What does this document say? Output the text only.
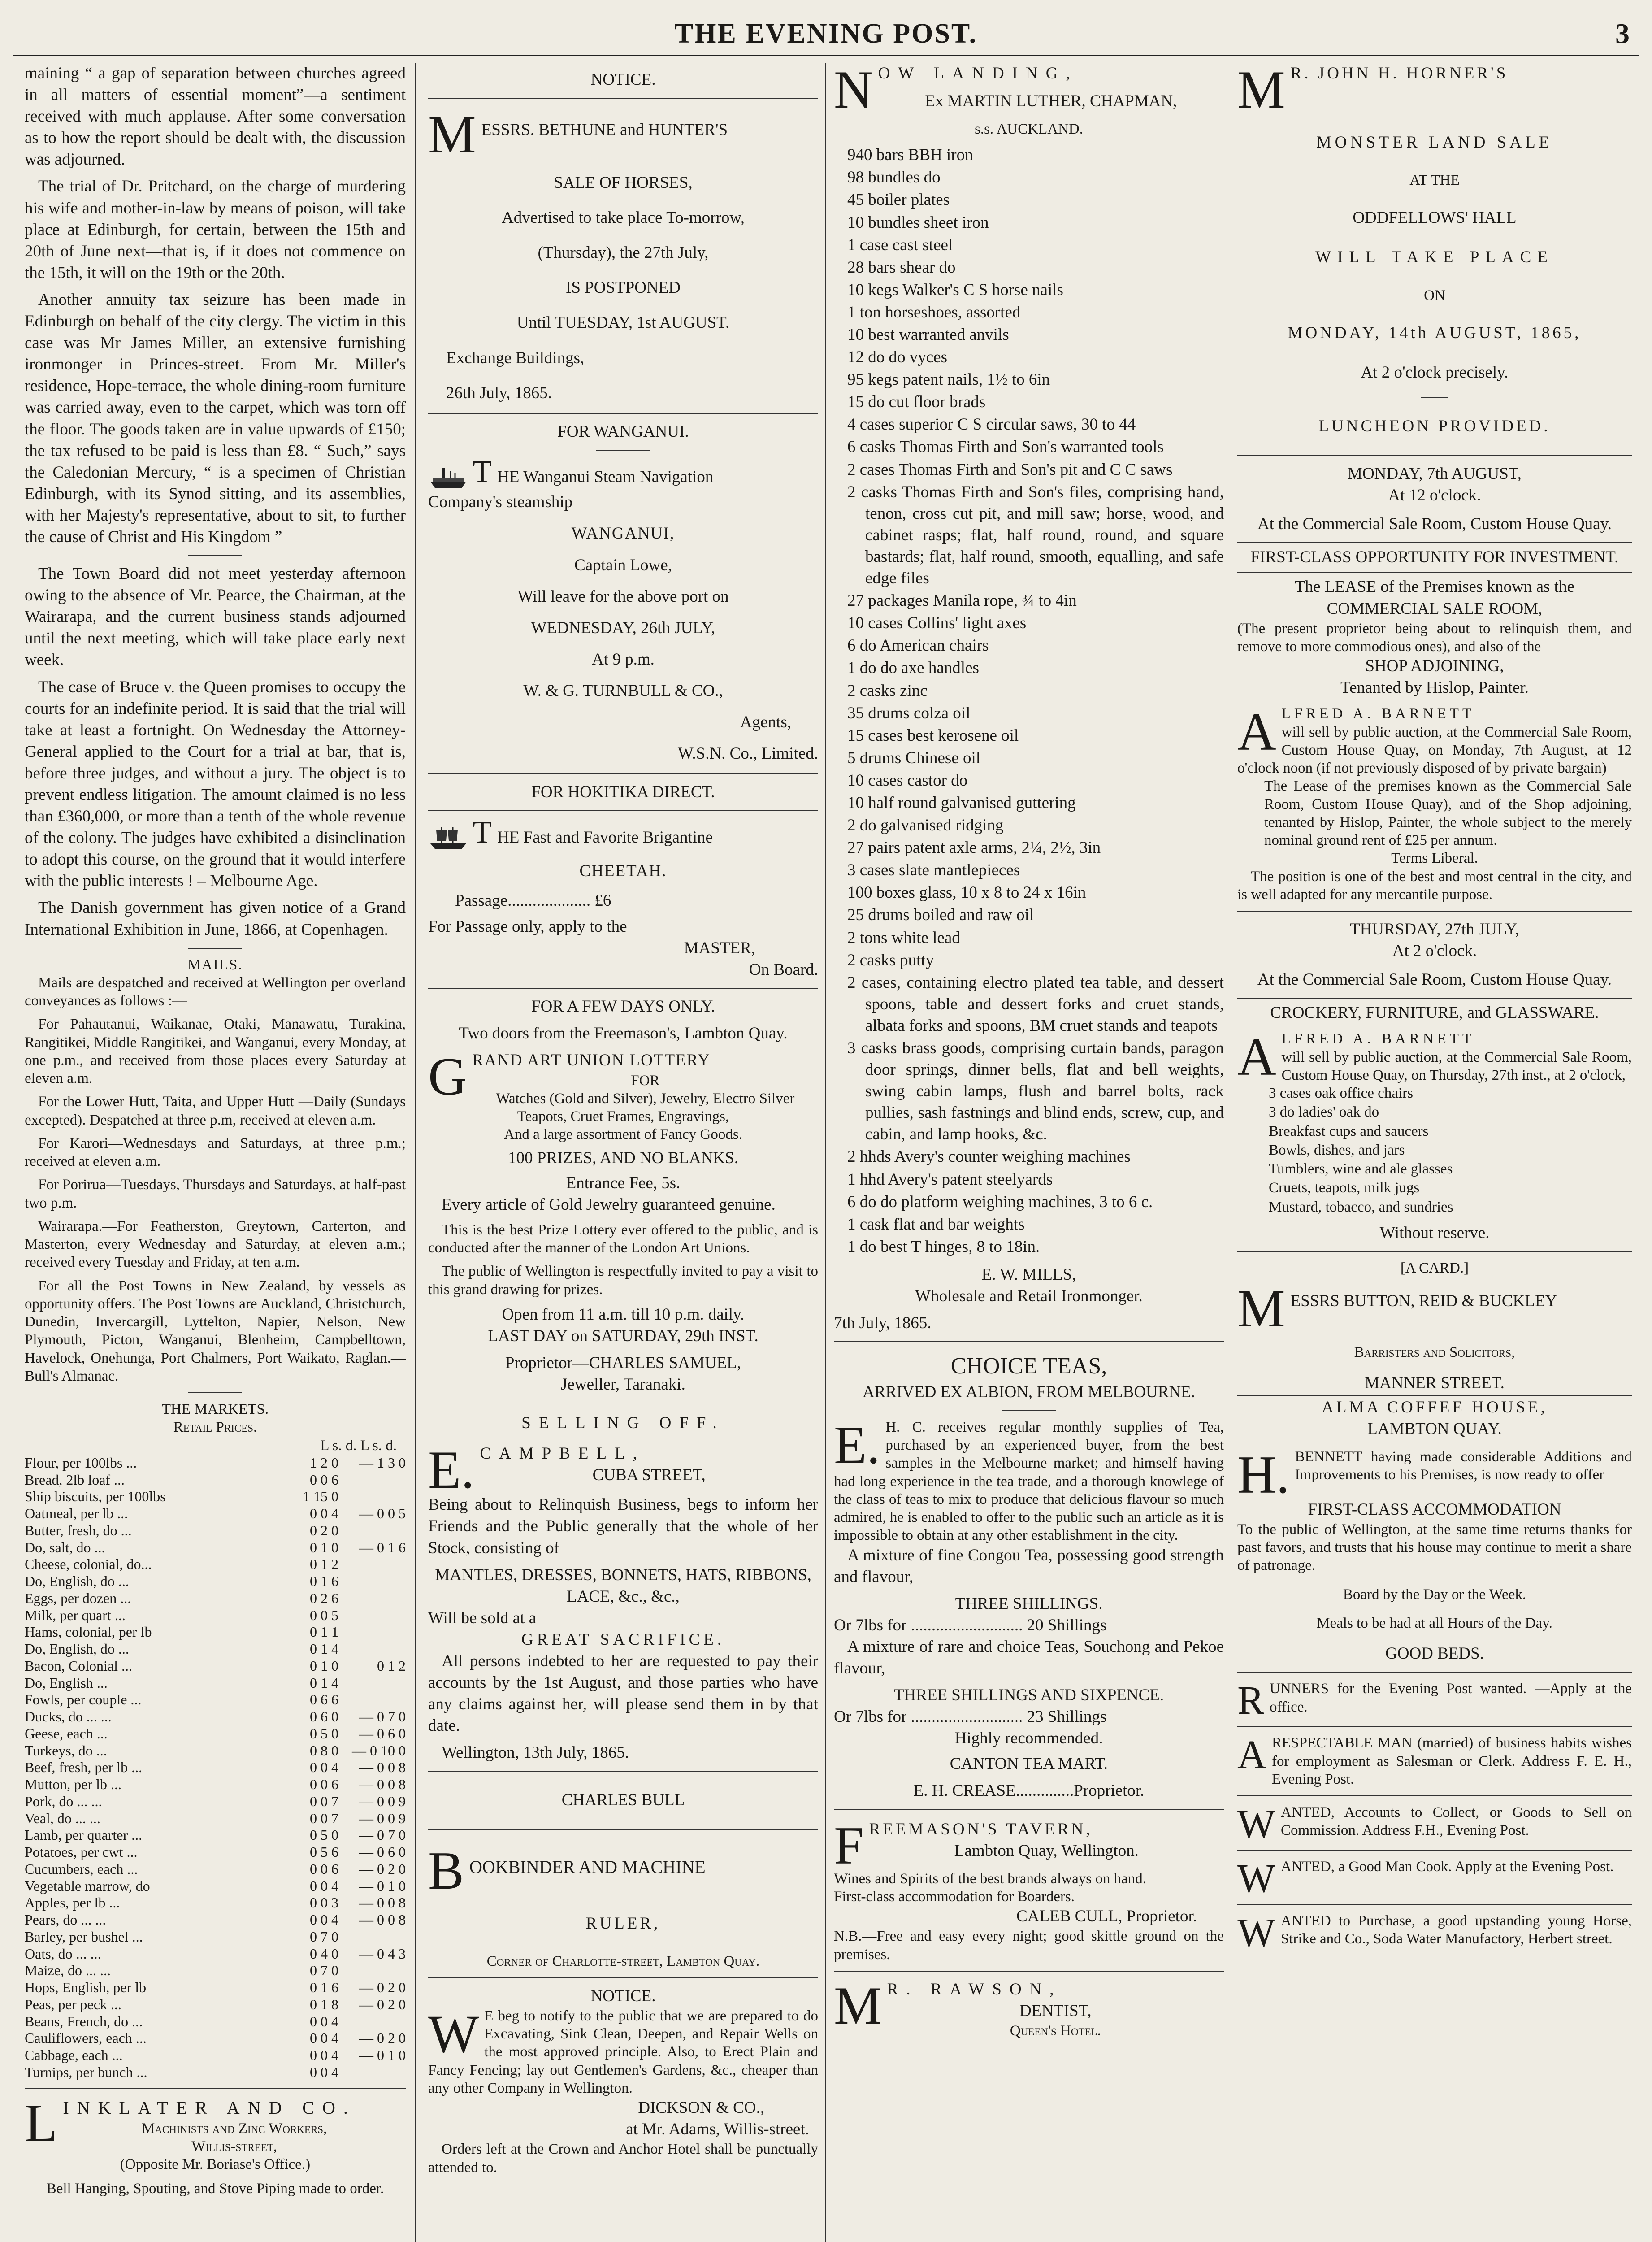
THE EVENING POST.	3

maining “ a gap of separation between churches agreed in all matters of essential moment”—a sentiment received with much applause. After some conversation as to how the report should be dealt with, the discussion was adjourned.

The trial of Dr. Pritchard, on the charge of murdering his wife and mother-in-law by means of poison, will take place at Edinburgh, for certain, between the 15th and 20th of June next—that is, if it does not commence on the 15th, it will on the 19th or the 20th.

Another annuity tax seizure has been made in Edinburgh on behalf of the city clergy. The victim in this case was Mr James Miller, an extensive furnishing ironmonger in Princes-street. From Mr. Miller's residence, Hope-terrace, the whole dining-room furniture was carried away, even to the carpet, which was torn off the floor. The goods taken are in value upwards of £150; the tax refused to be paid is less than £8. “ Such,” says the Caledonian Mercury, “ is a specimen of Christian Edinburgh, with its Synod sitting, and its assemblies, with her Majesty's representative, about to sit, to further the cause of Christ and His Kingdom ”

The Town Board did not meet yesterday afternoon owing to the absence of Mr. Pearce, the Chairman, at the Wairarapa, and the current business stands adjourned until the next meeting, which will take place early next week.

The case of Bruce v. the Queen promises to occupy the courts for an indefinite period. It is said that the trial will take at least a fortnight. On Wednesday the Attorney-General applied to the Court for a trial at bar, that is, before three judges, and without a jury. The object is to prevent endless litigation. The amount claimed is no less than £360,000, or more than a tenth of the whole revenue of the colony. The judges have exhibited a disinclination to adopt this course, on the ground that it would interfere with the public interests ! – Melbourne Age.

The Danish government has given notice of a Grand International Exhibition in June, 1866, at Copenhagen.

MAILS.

Mails are despatched and received at Wellington per overland conveyances as follows :—

For Pahautanui, Waikanae, Otaki, Manawatu, Turakina, Rangitikei, Middle Rangitikei, and Wanganui, every Monday, at one p.m., and received from those places every Saturday at eleven a.m.

For the Lower Hutt, Taita, and Upper Hutt —Daily (Sundays excepted). Despatched at three p.m, received at eleven a.m.

For Karori—Wednesdays and Saturdays, at three p.m.; received at eleven a.m.

For Porirua—Tuesdays, Thursdays and Saturdays, at half-past two p.m.

Wairarapa.—For Featherston, Greytown, Carterton, and Masterton, every Wednesday and Saturday, at eleven a.m.; received every Tuesday and Friday, at ten a.m.

For all the Post Towns in New Zealand, by vessels as opportunity offers. The Post Towns are Auckland, Christchurch, Dunedin, Invercargill, Lyttelton, Napier, Nelson, New Plymouth, Picton, Wanganui, Blenheim, Campbelltown, Havelock, Onehunga, Port Chalmers, Port Waikato, Raglan.—Bull's Almanac.

THE MARKETS.
Retail Prices.
L s. d. L s. d.
Flour, per 100lbs ...	1 2 0	— 1 3 0
Bread, 2lb loaf ...	0 0 6	
Ship biscuits, per 100lbs	1 15 0	
Oatmeal, per lb ...	0 0 4	— 0 0 5
Butter, fresh, do ...	0 2 0	
Do, salt, do ...	0 1 0	— 0 1 6
Cheese, colonial, do...	0 1 2	
Do, English, do ...	0 1 6	
Eggs, per dozen ...	0 2 6	
Milk, per quart ...	0 0 5	
Hams, colonial, per lb	0 1 1	
Do, English, do ...	0 1 4	
Bacon, Colonial ...	0 1 0	0 1 2
Do, English ...	0 1 4	
Fowls, per couple ...	0 6 6	
Ducks, do ... ...	0 6 0	— 0 7 0
Geese, each ...	0 5 0	— 0 6 0
Turkeys, do ...	0 8 0	— 0 10 0
Beef, fresh, per lb ...	0 0 4	— 0 0 8
Mutton, per lb ...	0 0 6	— 0 0 8
Pork, do ... ...	0 0 7	— 0 0 9
Veal, do ... ...	0 0 7	— 0 0 9
Lamb, per quarter ...	0 5 0	— 0 7 0
Potatoes, per cwt ...	0 5 6	— 0 6 0
Cucumbers, each ...	0 0 6	— 0 2 0
Vegetable marrow, do	0 0 4	— 0 1 0
Apples, per lb ...	0 0 3	— 0 0 8
Pears, do ... ...	0 0 4	— 0 0 8
Barley, per bushel ...	0 7 0	
Oats, do ... ...	0 4 0	— 0 4 3
Maize, do ... ...	0 7 0	
Hops, English, per lb	0 1 6	— 0 2 0
Peas, per peck ...	0 1 8	— 0 2 0
Beans, French, do ...	0 0 4	
Cauliflowers, each ...	0 0 4	— 0 2 0
Cabbage, each ...	0 0 4	— 0 1 0
Turnips, per bunch ...	0 0 4	
L INKLATER AND CO.
Machinists and Zinc Workers,
Willis-street,
(Opposite Mr. Boriase's Office.)
Bell Hanging, Spouting, and Stove Piping made to order.
NOTICE.
M ESSRS. BETHUNE and HUNTER'S
SALE OF HORSES,
Advertised to take place To-morrow,
(Thursday), the 27th July,
IS POSTPONED
Until TUESDAY, 1st AUGUST.
Exchange Buildings,
26th July, 1865.
FOR WANGANUI.
THE Wanganui Steam Navigation
Company's steamship
WANGANUI,
Captain Lowe,
Will leave for the above port on
WEDNESDAY, 26th JULY,
At 9 p.m.
W. & G. TURNBULL & CO.,
Agents,
W.S.N. Co., Limited.
FOR HOKITIKA DIRECT.
THE Fast and Favorite Brigantine
CHEETAH.
Passage.................... £6
For Passage only, apply to the
MASTER,
On Board.
FOR A FEW DAYS ONLY.
Two doors from the Freemason's, Lambton Quay.
G RAND ART UNION LOTTERY
FOR
Watches (Gold and Silver), Jewelry, Electro Silver Teapots, Cruet Frames, Engravings,
And a large assortment of Fancy Goods.
100 PRIZES, AND NO BLANKS.
Entrance Fee, 5s.

Every article of Gold Jewelry guaranteed genuine.

This is the best Prize Lottery ever offered to the public, and is conducted after the manner of the London Art Unions.

The public of Wellington is respectfully invited to pay a visit to this grand drawing for prizes.

Open from 11 a.m. till 10 p.m. daily.
LAST DAY on SATURDAY, 29th INST.
Proprietor—CHARLES SAMUEL,
Jeweller, Taranaki.
SELLING OFF.
E. CAMPBELL,
CUBA STREET,

Being about to Relinquish Business, begs to inform her Friends and the Public generally that the whole of her Stock, consisting of

MANTLES, DRESSES, BONNETS, HATS, RIBBONS, LACE, &c., &c.,
Will be sold at a
GREAT SACRIFICE.

All persons indebted to her are requested to pay their accounts by the 1st August, and those parties who have any claims against her, will please send them in by that date.

Wellington, 13th July, 1865.
CHARLES BULL
B OOKBINDER AND MACHINE
RULER,
Corner of Charlotte-street, Lambton Quay.
NOTICE.
W E beg to notify to the public that we are prepared to do Excavating, Sink Clean, Deepen, and Repair Wells on the most approved principle. Also, to Erect Plain and Fancy Fencing; lay out Gentlemen's Gardens, &c., cheaper than any other Company in Wellington.
DICKSON & CO.,
at Mr. Adams, Willis-street.

Orders left at the Crown and Anchor Hotel shall be punctually attended to.

N OW LANDING,
Ex MARTIN LUTHER, CHAPMAN,
s.s. AUCKLAND.
940 bars BBH iron
98 bundles do
45 boiler plates
10 bundles sheet iron
1 case cast steel
28 bars shear do
10 kegs Walker's C S horse nails
1 ton horseshoes, assorted
10 best warranted anvils
12 do do vyces
95 kegs patent nails, 1½ to 6in
15 do cut floor brads
4 cases superior C S circular saws, 30 to 44
6 casks Thomas Firth and Son's warranted tools
2 cases Thomas Firth and Son's pit and C C saws
2 casks Thomas Firth and Son's files, comprising hand, tenon, cross cut pit, and mill saw; horse, wood, and cabinet rasps; flat, half round, round, and square bastards; flat, half round, smooth, equalling, and safe edge files
27 packages Manila rope, ¾ to 4in
10 cases Collins' light axes
6 do American chairs
1 do do axe handles
2 casks zinc
35 drums colza oil
15 cases best kerosene oil
5 drums Chinese oil
10 cases castor do
10 half round galvanised guttering
2 do galvanised ridging
27 pairs patent axle arms, 2¼, 2½, 3in
3 cases slate mantlepieces
100 boxes glass, 10 x 8 to 24 x 16in
25 drums boiled and raw oil
2 tons white lead
2 casks putty
2 cases, containing electro plated tea table, and dessert spoons, table and dessert forks and cruet stands, albata forks and spoons, BM cruet stands and teapots
3 casks brass goods, comprising curtain bands, paragon door springs, dinner bells, flat and bell weights, swing cabin lamps, flush and barrel bolts, rack pullies, sash fastnings and blind ends, screw, cup, and cabin, and lamp hooks, &c.
2 hhds Avery's counter weighing machines
1 hhd Avery's patent steelyards
6 do do platform weighing machines, 3 to 6 c.
1 cask flat and bar weights
1 do best T hinges, 8 to 18in.
E. W. MILLS,
Wholesale and Retail Ironmonger.
7th July, 1865.
CHOICE TEAS,
ARRIVED EX ALBION, FROM MELBOURNE.
E. H. C. receives regular monthly supplies of Tea, purchased by an experienced buyer, from the best samples in the Melbourne market; and himself having had long experience in the tea trade, and a thorough knowlege of the class of teas to mix to produce that delicious flavour so much admired, he is enabled to offer to the public such an article as it is impossible to obtain at any other establishment in the city.

A mixture of fine Congou Tea, possessing good strength and flavour,

THREE SHILLINGS.
Or 7lbs for ........................... 20 Shillings

A mixture of rare and choice Teas, Souchong and Pekoe flavour,

THREE SHILLINGS AND SIXPENCE.
Or 7lbs for ........................... 23 Shillings
Highly recommended.
CANTON TEA MART.
E. H. CREASE..............Proprietor.
F REEMASON'S TAVERN,
Lambton Quay, Wellington.
Wines and Spirits of the best brands always on hand.
First-class accommodation for Boarders.
CALEB CULL, Proprietor.
N.B.—Free and easy every night; good skittle ground on the premises.
M R. RAWSON,
DENTIST,
Queen's Hotel.
M R. JOHN H. HORNER'S
MONSTER LAND SALE
AT THE
ODDFELLOWS' HALL
WILL TAKE PLACE
ON
MONDAY, 14th AUGUST, 1865,
At 2 o'clock precisely.
LUNCHEON PROVIDED.
MONDAY, 7th AUGUST,
At 12 o'clock.
At the Commercial Sale Room, Custom House Quay.
FIRST-CLASS OPPORTUNITY FOR INVESTMENT.
The LEASE of the Premises known as the
COMMERCIAL SALE ROOM,
(The present proprietor being about to relinquish them, and remove to more commodious ones), and also of the
SHOP ADJOINING,
Tenanted by Hislop, Painter.
A LFRED A. BARNETT
will sell by public auction, at the Commercial Sale Room, Custom House Quay, on Monday, 7th August, at 12 o'clock noon (if not previously disposed of by private bargain)—
The Lease of the premises known as the Commercial Sale Room, Custom House Quay), and of the Shop adjoining, tenanted by Hislop, Painter, the whole subject to the merely nominal ground rent of £25 per annum.
Terms Liberal.

The position is one of the best and most central in the city, and is well adapted for any mercantile purpose.

THURSDAY, 27th JULY,
At 2 o'clock.
At the Commercial Sale Room, Custom House Quay.
CROCKERY, FURNITURE, and GLASSWARE.
A LFRED A. BARNETT
will sell by public auction, at the Commercial Sale Room, Custom House Quay, on Thursday, 27th inst., at 2 o'clock,
3 cases oak office chairs
3 do ladies' oak do
Breakfast cups and saucers
Bowls, dishes, and jars
Tumblers, wine and ale glasses
Cruets, teapots, milk jugs
Mustard, tobacco, and sundries
Without reserve.
[A CARD.]
M ESSRS BUTTON, REID & BUCKLEY
Barristers and Solicitors,
MANNER STREET.
ALMA COFFEE HOUSE,
LAMBTON QUAY.
H. BENNETT having made considerable Additions and Improvements to his Premises, is now ready to offer
FIRST-CLASS ACCOMMODATION
To the public of Wellington, at the same time returns thanks for past favors, and trusts that his house may continue to merit a share of patronage.
Board by the Day or the Week.
Meals to be had at all Hours of the Day.
GOOD BEDS.
R UNNERS for the Evening Post wanted. —Apply at the office.
A RESPECTABLE MAN (married) of business habits wishes for employment as Salesman or Clerk. Address F. E. H., Evening Post.
W ANTED, Accounts to Collect, or Goods to Sell on Commission. Address F.H., Evening Post.
W ANTED, a Good Man Cook. Apply at the Evening Post.
W ANTED to Purchase, a good upstanding young Horse, Strike and Co., Soda Water Manufactory, Herbert street.
